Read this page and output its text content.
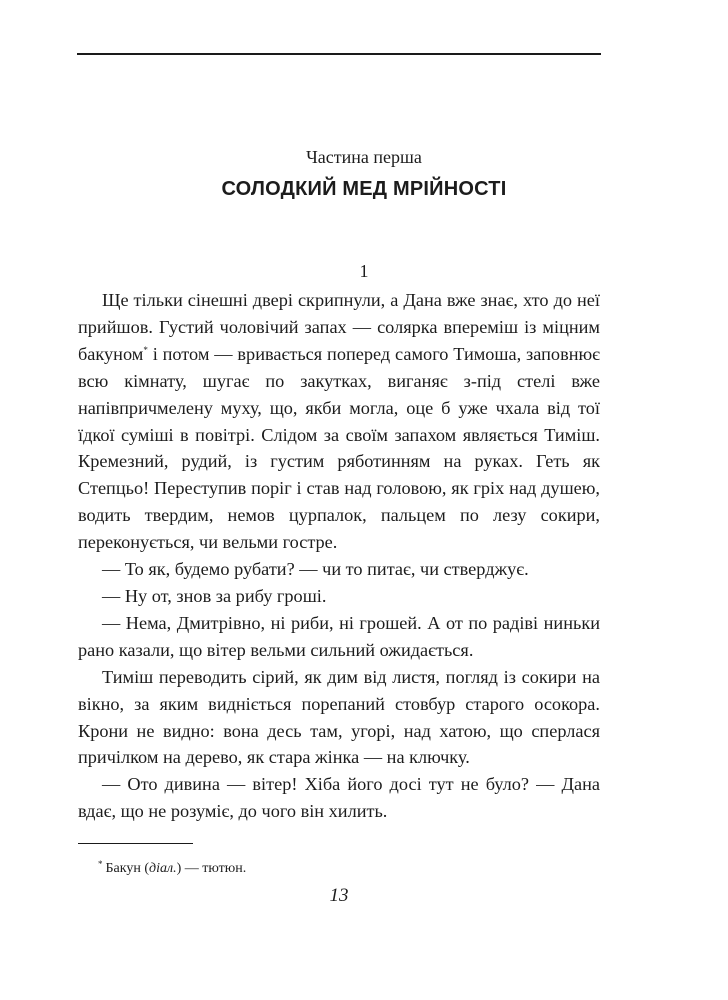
Частина перша
СОЛОДКИЙ МЕД МРІЙНОСТІ
1

Ще тільки сінешні двері скрипнули, а Дана вже знає, хто до неї прийшов. Густий чоловічий запах — солярка впереміш із міцним бакуном* і потом — вривається поперед самого Тимоша, заповнює всю кімнату, шугає по закутках, виганяє з-під стелі вже напівпричмелену муху, що, якби могла, оце б уже чхала від тої їдкої суміші в повітрі. Слідом за своїм запахом являється Тиміш. Кремезний, рудий, із густим ряботинням на руках. Геть як Степцьо! Переступив поріг і став над головою, як гріх над душею, водить твердим, немов цурпалок, пальцем по лезу сокири, переконується, чи вельми гостре.

— То як, будемо рубати? — чи то питає, чи стверджує.

— Ну от, знов за рибу гроші.

— Нема, Дмитрівно, ні риби, ні грошей. А от по радіві ниньки рано казали, що вітер вельми сильний ожидається.

Тиміш переводить сірий, як дим від листя, погляд із сокири на вікно, за яким видніється порепаний стовбур старого осокора. Крони не видно: вона десь там, угорі, над хатою, що сперлася причілком на дерево, як стара жінка — на ключку.

— Ото дивина — вітер! Хіба його досі тут не було? — Дана вдає, що не розуміє, до чого він хилить.

* Бакун (діал.) — тютюн.
13
